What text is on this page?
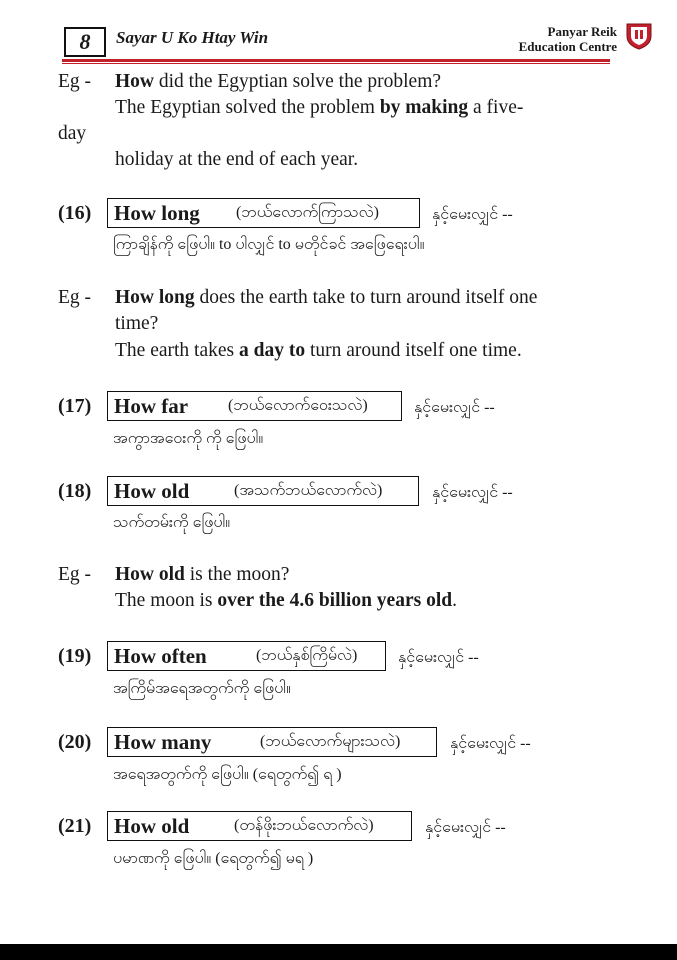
8	Sayar U Ko Htay Win	Panyar Reik
Education Centre
Eg - How did the Egyptian solve the problem?
The Egyptian solved the problem by making a five-
day
holiday at the end of each year.
(16)	How long (ဘယ်လောက်ကြာသလဲ)	နှင့်မေးလျှင် --
ကြာချိန်ကို ဖြေပါ။ to ပါလျှင် to မတိုင်ခင် အဖြေရေးပါ။
Eg - How long does the earth take to turn around itself one
time?
The earth takes a day to turn around itself one time.
(17)	How far (ဘယ်လောက်ဝေးသလဲ)	နှင့်မေးလျှင် --
အကွာအဝေးကို ကို ဖြေပါ။
(18)	How old	(အသက်ဘယ်လောက်လဲ)	နှင့်မေးလျှင် --
သက်တမ်းကို ဖြေပါ။
Eg - How old is the moon?
The moon is over the 4.6 billion years old.
(19)	How often	(ဘယ်နှစ်ကြိမ်လဲ)	နှင့်မေးလျှင် --
အကြိမ်အရေအတွက်ကို ဖြေပါ။
(20)	How many	(ဘယ်လောက်များသလဲ)	နှင့်မေးလျှင် --
အရေအတွက်ကို ဖြေပါ။ (ရေတွက်၍ ရ )
(21)	How old	(တန်ဖိုးဘယ်လောက်လဲ)	နှင့်မေးလျှင် --
ပမာဏကို ဖြေပါ။ (ရေတွက်၍ မရ )
